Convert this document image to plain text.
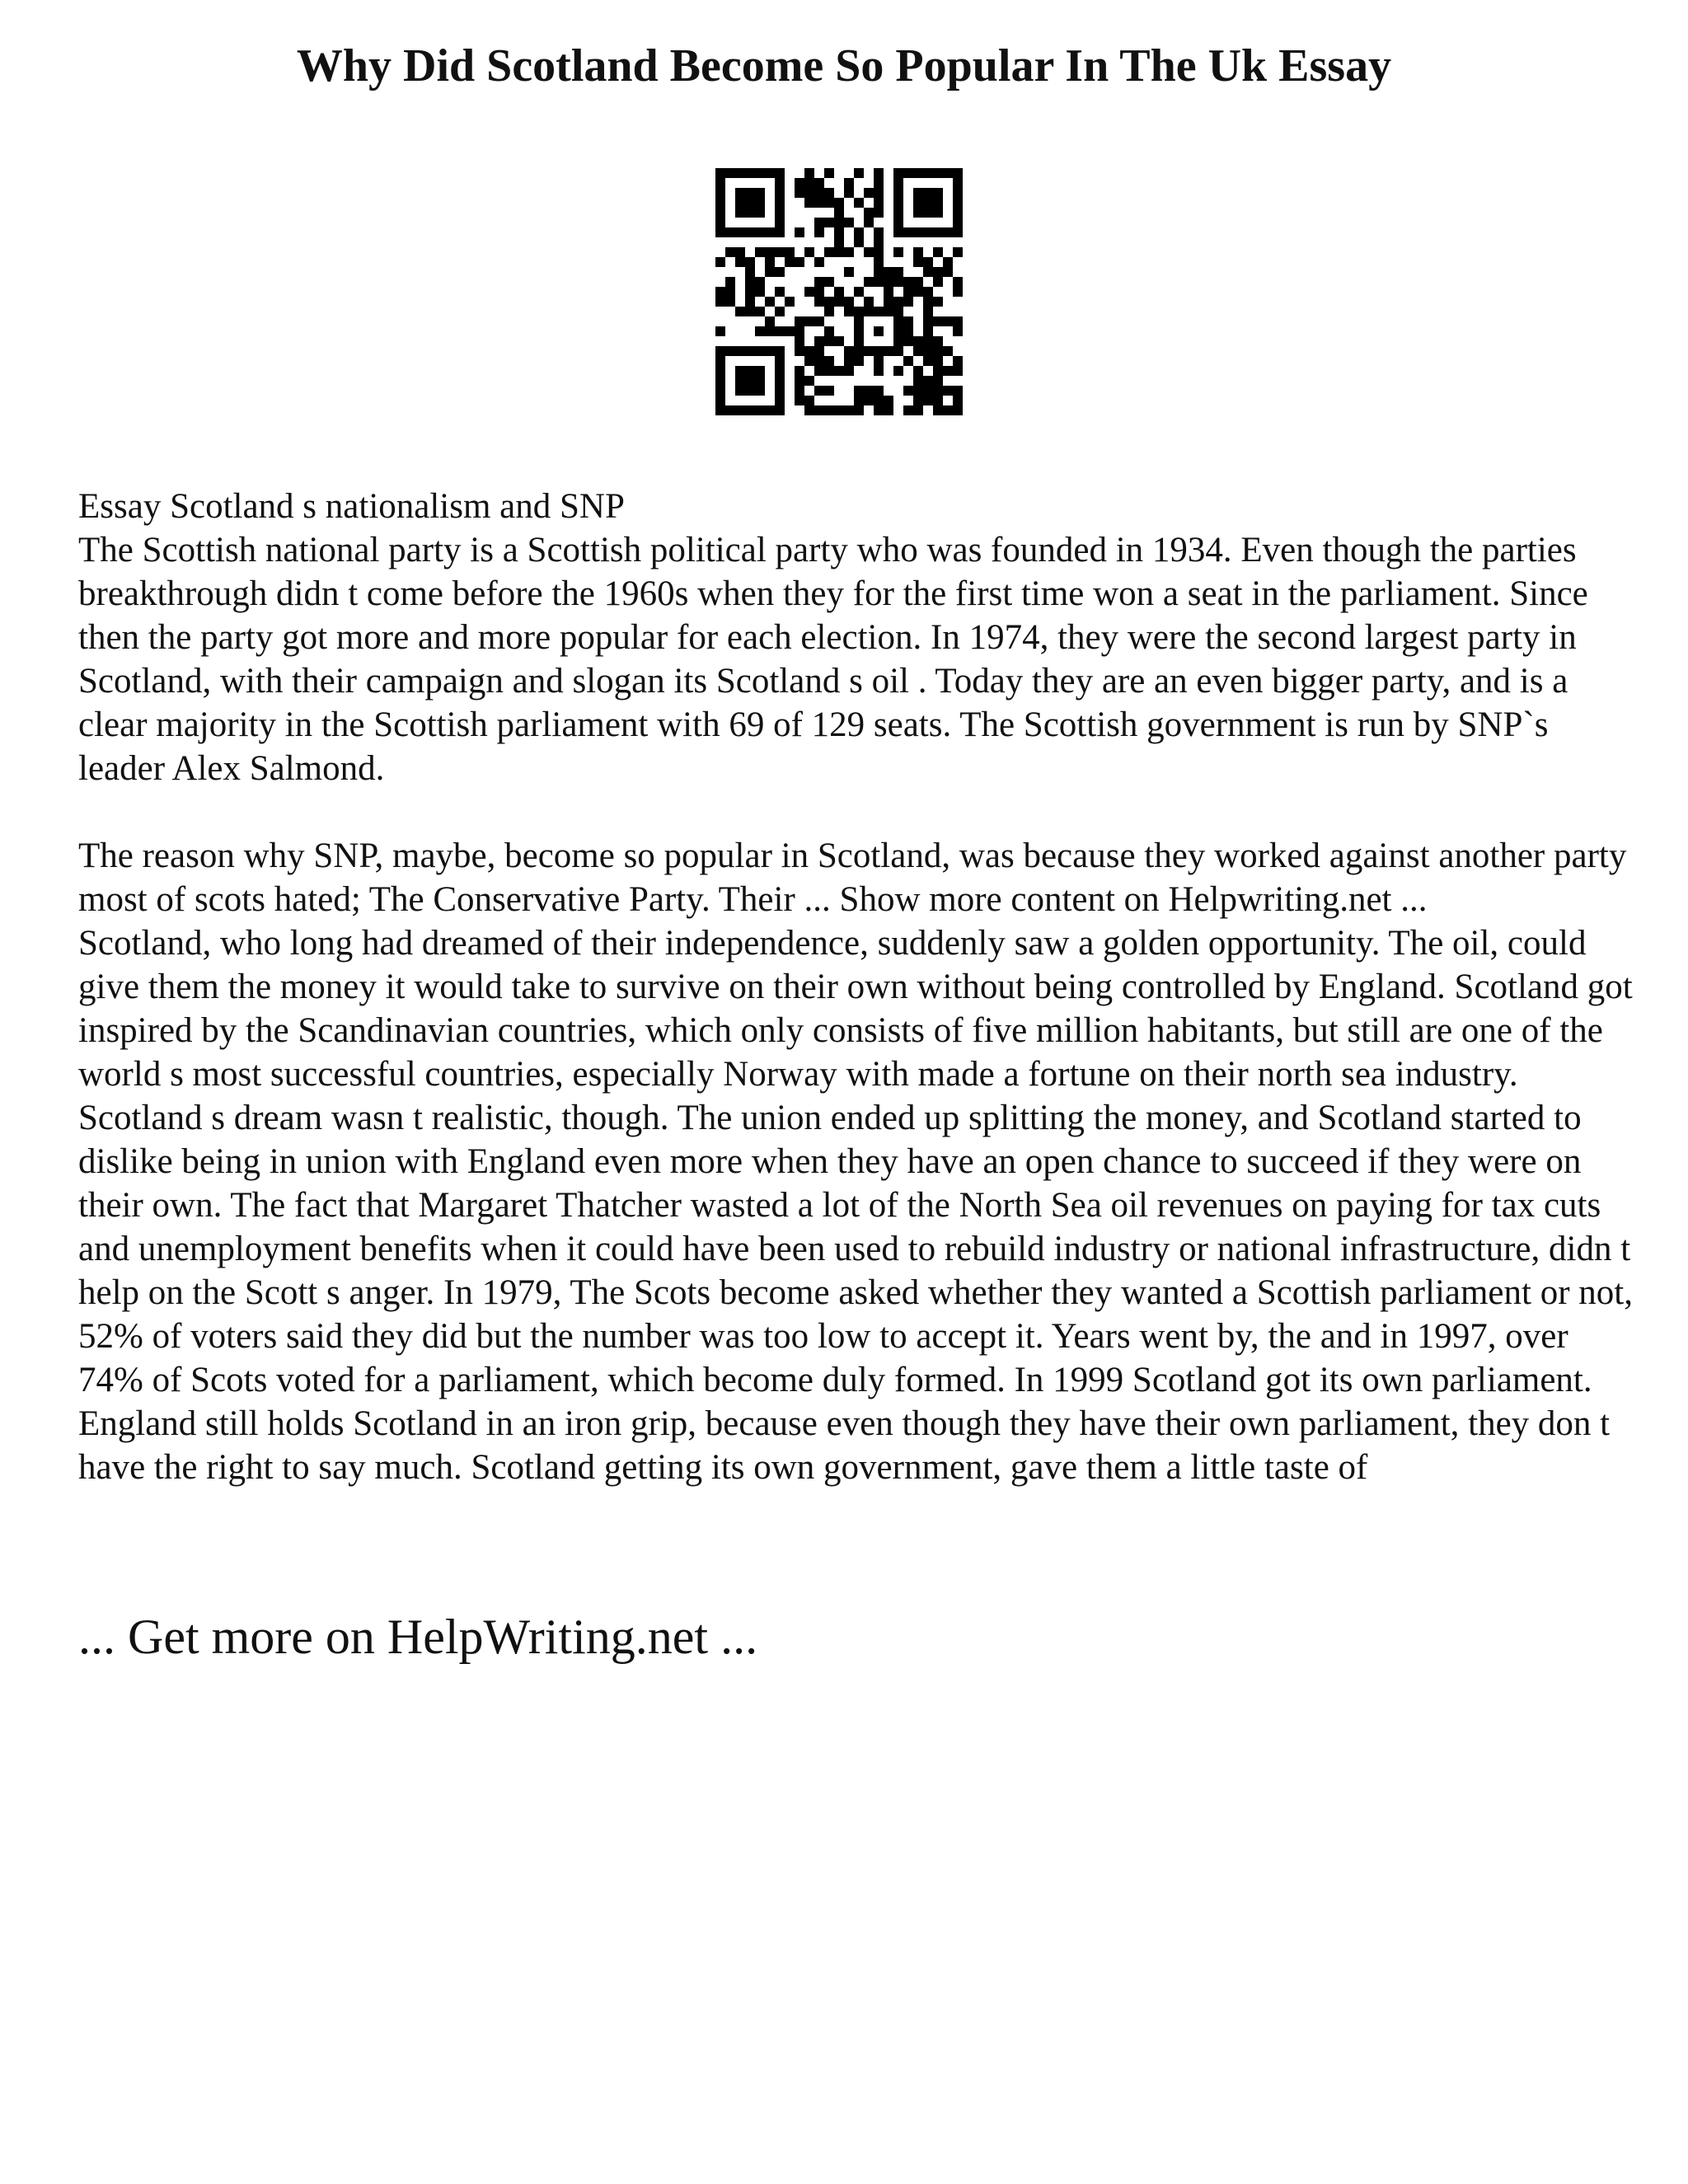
Why Did Scotland Become So Popular In The Uk Essay

Essay Scotland s nationalism and SNP

The Scottish national party is a Scottish political party who was founded in 1934. Even though the parties breakthrough didn t come before the 1960s when they for the first time won a seat in the parliament. Since then the party got more and more popular for each election. In 1974, they were the second largest party in Scotland, with their campaign and slogan its Scotland s oil . Today they are an even bigger party, and is a clear majority in the Scottish parliament with 69 of 129 seats. The Scottish government is run by SNP`s leader Alex Salmond.

The reason why SNP, maybe, become so popular in Scotland, was because they worked against another party most of scots hated; The Conservative Party. Their ... Show more content on Helpwriting.net ...

Scotland, who long had dreamed of their independence, suddenly saw a golden opportunity. The oil, could give them the money it would take to survive on their own without being controlled by England. Scotland got inspired by the Scandinavian countries, which only consists of five million habitants, but still are one of the world s most successful countries, especially Norway with made a fortune on their north sea industry. Scotland s dream wasn t realistic, though. The union ended up splitting the money, and Scotland started to dislike being in union with England even more when they have an open chance to succeed if they were on their own. The fact that Margaret Thatcher wasted a lot of the North Sea oil revenues on paying for tax cuts and unemployment benefits when it could have been used to rebuild industry or national infrastructure, didn t help on the Scott s anger. In 1979, The Scots become asked whether they wanted a Scottish parliament or not, 52% of voters said they did but the number was too low to accept it. Years went by, the and in 1997, over 74% of Scots voted for a parliament, which become duly formed. In 1999 Scotland got its own parliament. England still holds Scotland in an iron grip, because even though they have their own parliament, they don t have the right to say much. Scotland getting its own government, gave them a little taste of

... Get more on HelpWriting.net ...
